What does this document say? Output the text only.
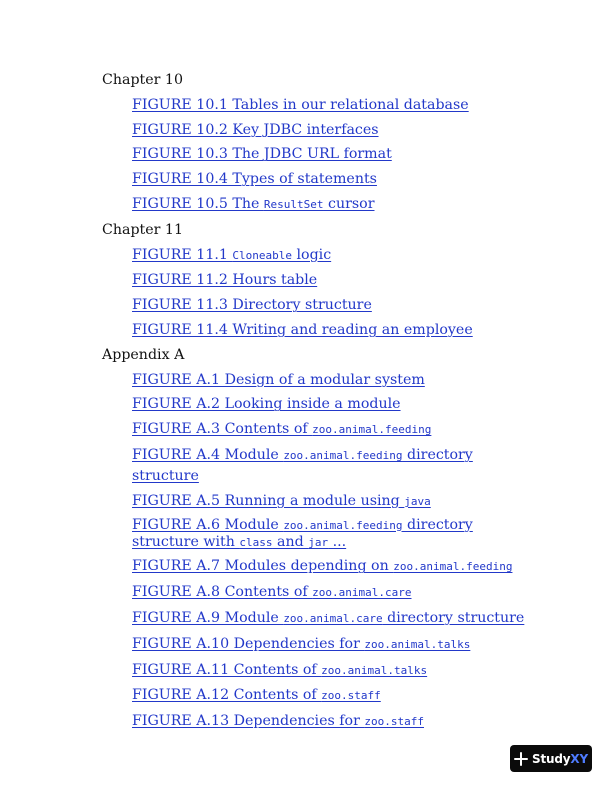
Chapter 10
FIGURE 10.1 Tables in our relational database
FIGURE 10.2 Key JDBC interfaces
FIGURE 10.3 The JDBC URL format
FIGURE 10.4 Types of statements
FIGURE 10.5 The ResultSet cursor
Chapter 11
FIGURE 11.1 Cloneable logic
FIGURE 11.2 Hours table
FIGURE 11.3 Directory structure
FIGURE 11.4 Writing and reading an employee
Appendix A
FIGURE A.1 Design of a modular system
FIGURE A.2 Looking inside a module
FIGURE A.3 Contents of zoo.animal.feeding
FIGURE A.4 Module zoo.animal.feeding directory structure
FIGURE A.5 Running a module using java
FIGURE A.6 Module zoo.animal.feeding directory structure with class and jar ...
FIGURE A.7 Modules depending on zoo.animal.feeding
FIGURE A.8 Contents of zoo.animal.care
FIGURE A.9 Module zoo.animal.care directory structure
FIGURE A.10 Dependencies for zoo.animal.talks
FIGURE A.11 Contents of zoo.animal.talks
FIGURE A.12 Contents of zoo.staff
FIGURE A.13 Dependencies for zoo.staff
StudyXY
